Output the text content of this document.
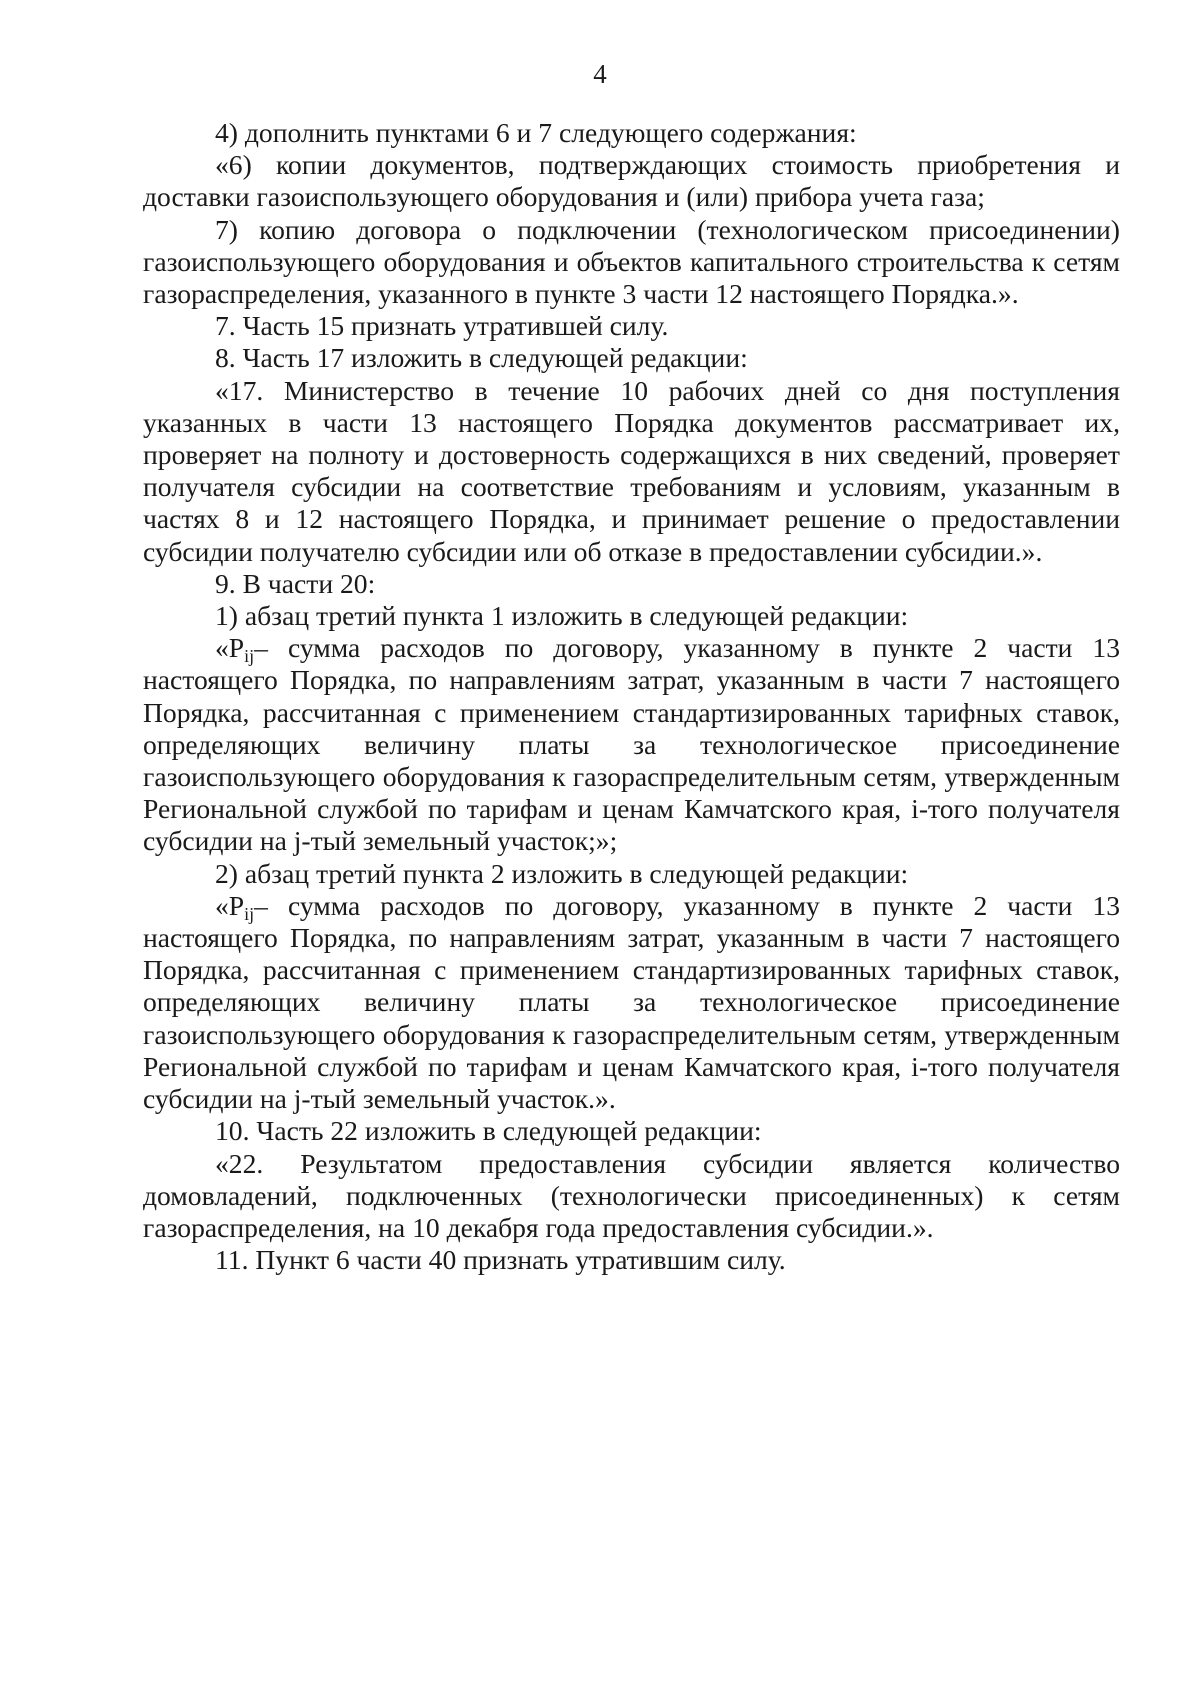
4

4) дополнить пунктами 6 и 7 следующего содержания:

«6) копии документов, подтверждающих стоимость приобретения и доставки газоиспользующего оборудования и (или) прибора учета газа;

7) копию договора о подключении (технологическом присоединении) газоиспользующего оборудования и объектов капитального строительства к сетям газораспределения, указанного в пункте 3 части 12 настоящего Порядка.».

7. Часть 15 признать утратившей силу.

8. Часть 17 изложить в следующей редакции:

«17. Министерство в течение 10 рабочих дней со дня поступления указанных в части 13 настоящего Порядка документов рассматривает их, проверяет на полноту и достоверность содержащихся в них сведений, проверяет получателя субсидии на соответствие требованиям и условиям, указанным в частях 8 и 12 настоящего Порядка, и принимает решение о предоставлении субсидии получателю субсидии или об отказе в предоставлении субсидии.».

9. В части 20:

1) абзац третий пункта 1 изложить в следующей редакции:

«$P_{ij}-$ сумма расходов по договору, указанному в пункте 2 части 13 настоящего Порядка, по направлениям затрат, указанным в части 7 настоящего Порядка, рассчитанная с применением стандартизированных тарифных ставок, определяющих величину платы за технологическое присоединение газоиспользующего оборудования к газораспределительным сетям, утвержденным Региональной службой по тарифам и ценам Камчатского края, i-того получателя субсидии на j-тый земельный участок;»;

2) абзац третий пункта 2 изложить в следующей редакции:

«$P_{ij}-$ сумма расходов по договору, указанному в пункте 2 части 13 настоящего Порядка, по направлениям затрат, указанным в части 7 настоящего Порядка, рассчитанная с применением стандартизированных тарифных ставок, определяющих величину платы за технологическое присоединение газоиспользующего оборудования к газораспределительным сетям, утвержденным Региональной службой по тарифам и ценам Камчатского края, i-того получателя субсидии на j-тый земельный участок.».

10. Часть 22 изложить в следующей редакции:

«22. Результатом предоставления субсидии является количество домовладений, подключенных (технологически присоединенных) к сетям газораспределения, на 10 декабря года предоставления субсидии.».

11. Пункт 6 части 40 признать утратившим силу.
